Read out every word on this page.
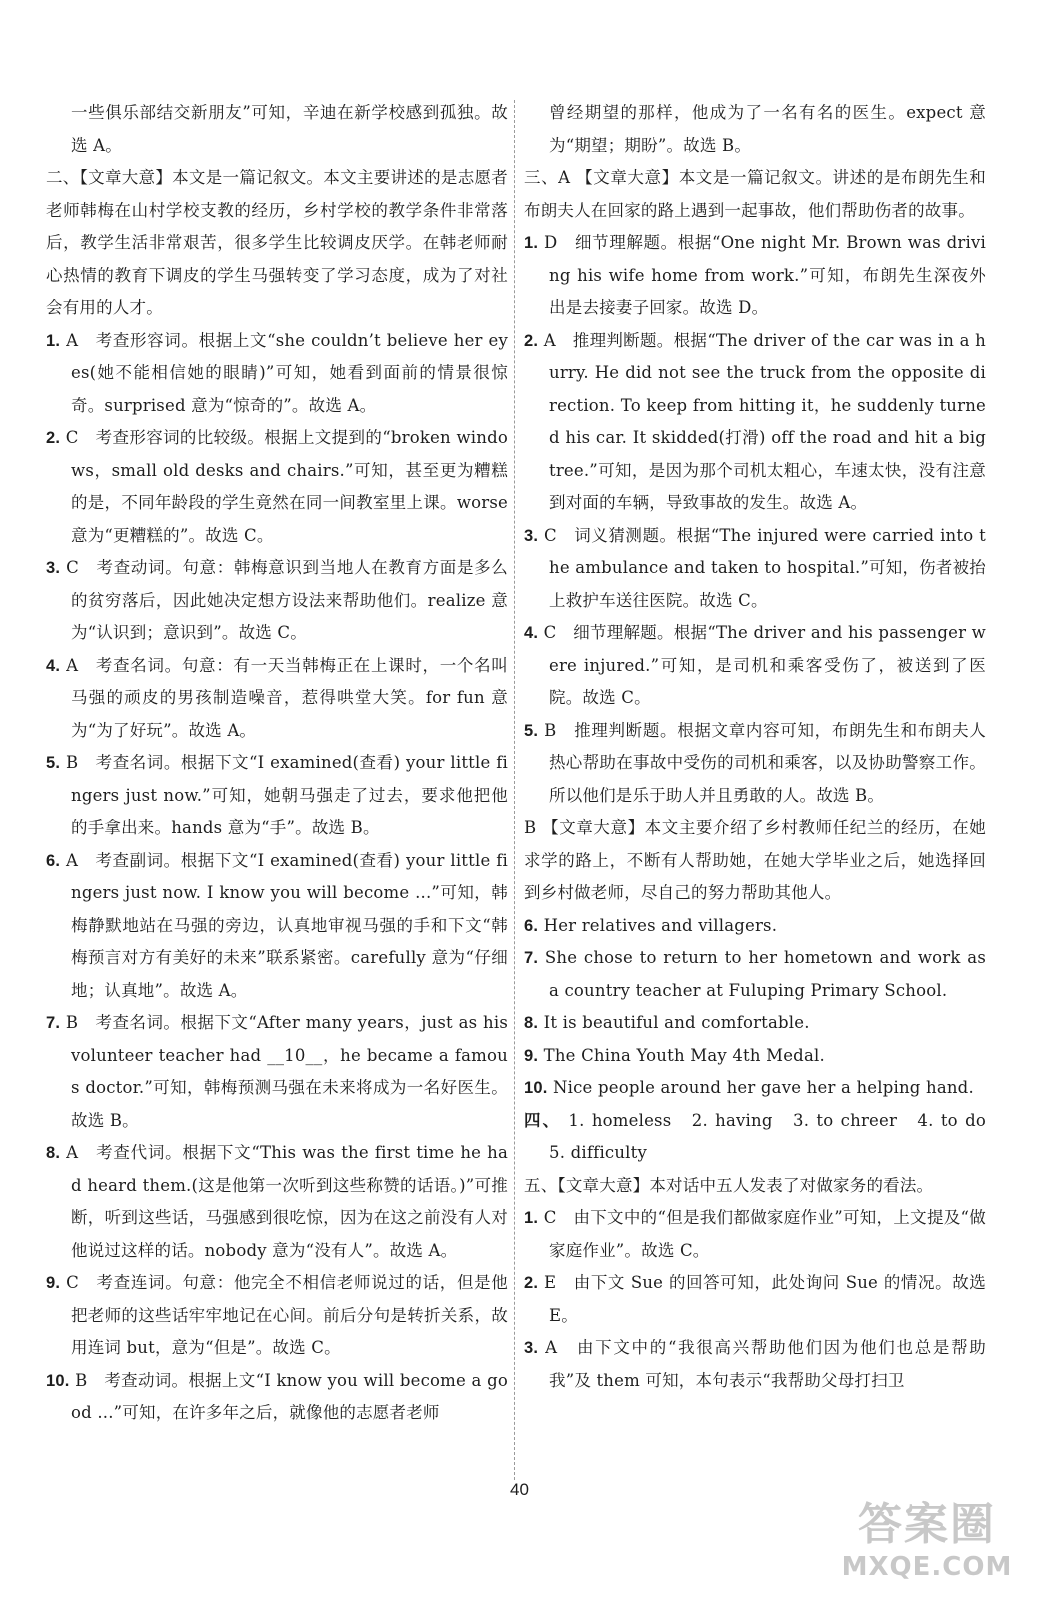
一些俱乐部结交新朋友”可知，辛迪在新学校感到孤独。故选 A。

二、【文章大意】本文是一篇记叙文。本文主要讲述的是志愿者老师韩梅在山村学校支教的经历，乡村学校的教学条件非常落后，教学生活非常艰苦，很多学生比较调皮厌学。在韩老师耐心热情的教育下调皮的学生马强转变了学习态度，成为了对社会有用的人才。

1. A　考查形容词。根据上文“she couldn’t believe her eyes(她不能相信她的眼睛)”可知，她看到面前的情景很惊奇。surprised 意为“惊奇的”。故选 A。

2. C　考查形容词的比较级。根据上文提到的“broken windows，small old desks and chairs.”可知，甚至更为糟糕的是，不同年龄段的学生竟然在同一间教室里上课。worse 意为“更糟糕的”。故选 C。

3. C　考查动词。句意：韩梅意识到当地人在教育方面是多么的贫穷落后，因此她决定想方设法来帮助他们。realize 意为“认识到；意识到”。故选 C。

4. A　考查名词。句意：有一天当韩梅正在上课时，一个名叫马强的顽皮的男孩制造噪音，惹得哄堂大笑。for fun 意为“为了好玩”。故选 A。

5. B　考查名词。根据下文“I examined(查看) your little fingers just now.”可知，她朝马强走了过去，要求他把他的手拿出来。hands 意为“手”。故选 B。

6. A　考查副词。根据下文“I examined(查看) your little fingers just now. I know you will become ...”可知，韩梅静默地站在马强的旁边，认真地审视马强的手和下文“韩梅预言对方有美好的未来”联系紧密。carefully 意为“仔细地；认真地”。故选 A。

7. B　考查名词。根据下文“After many years，just as his volunteer teacher had __10__，he became a famous doctor.”可知，韩梅预测马强在未来将成为一名好医生。故选 B。

8. A　考查代词。根据下文“This was the first time he had heard them.(这是他第一次听到这些称赞的话语。)”可推断，听到这些话，马强感到很吃惊，因为在这之前没有人对他说过这样的话。nobody 意为“没有人”。故选 A。

9. C　考查连词。句意：他完全不相信老师说过的话，但是他把老师的这些话牢牢地记在心间。前后分句是转折关系，故用连词 but，意为“但是”。故选 C。

10. B　考查动词。根据上文“I know you will become a good ...”可知，在许多年之后，就像他的志愿者老师

曾经期望的那样，他成为了一名有名的医生。expect 意为“期望；期盼”。故选 B。

三、A 【文章大意】本文是一篇记叙文。讲述的是布朗先生和布朗夫人在回家的路上遇到一起事故，他们帮助伤者的故事。

1. D　细节理解题。根据“One night Mr. Brown was driving his wife home from work.”可知，布朗先生深夜外出是去接妻子回家。故选 D。

2. A　推理判断题。根据“The driver of the car was in a hurry. He did not see the truck from the opposite direction. To keep from hitting it，he suddenly turned his car. It skidded(打滑) off the road and hit a big tree.”可知，是因为那个司机太粗心，车速太快，没有注意到对面的车辆，导致事故的发生。故选 A。

3. C　词义猜测题。根据“The injured were carried into the ambulance and taken to hospital.”可知，伤者被抬上救护车送往医院。故选 C。

4. C　细节理解题。根据“The driver and his passenger were injured.”可知，是司机和乘客受伤了，被送到了医院。故选 C。

5. B　推理判断题。根据文章内容可知，布朗先生和布朗夫人热心帮助在事故中受伤的司机和乘客，以及协助警察工作。所以他们是乐于助人并且勇敢的人。故选 B。

B 【文章大意】本文主要介绍了乡村教师任纪兰的经历，在她求学的路上，不断有人帮助她，在她大学毕业之后，她选择回到乡村做老师，尽自己的努力帮助其他人。

6. Her relatives and villagers.

7. She chose to return to her hometown and work as a country teacher at Fuluping Primary School.

8. It is beautiful and comfortable.

9. The China Youth May 4th Medal.

10. Nice people around her gave her a helping hand.

四、 1. homeless　2. having　3. to chreer　4. to do　5. difficulty

五、【文章大意】本对话中五人发表了对做家务的看法。

1. C　由下文中的“但是我们都做家庭作业”可知，上文提及“做家庭作业”。故选 C。

2. E　由下文 Sue 的回答可知，此处询问 Sue 的情况。故选 E。

3. A　由下文中的“我很高兴帮助他们因为他们也总是帮助我”及 them 可知，本句表示“我帮助父母打扫卫

40
答案圈
MXQE.COM
